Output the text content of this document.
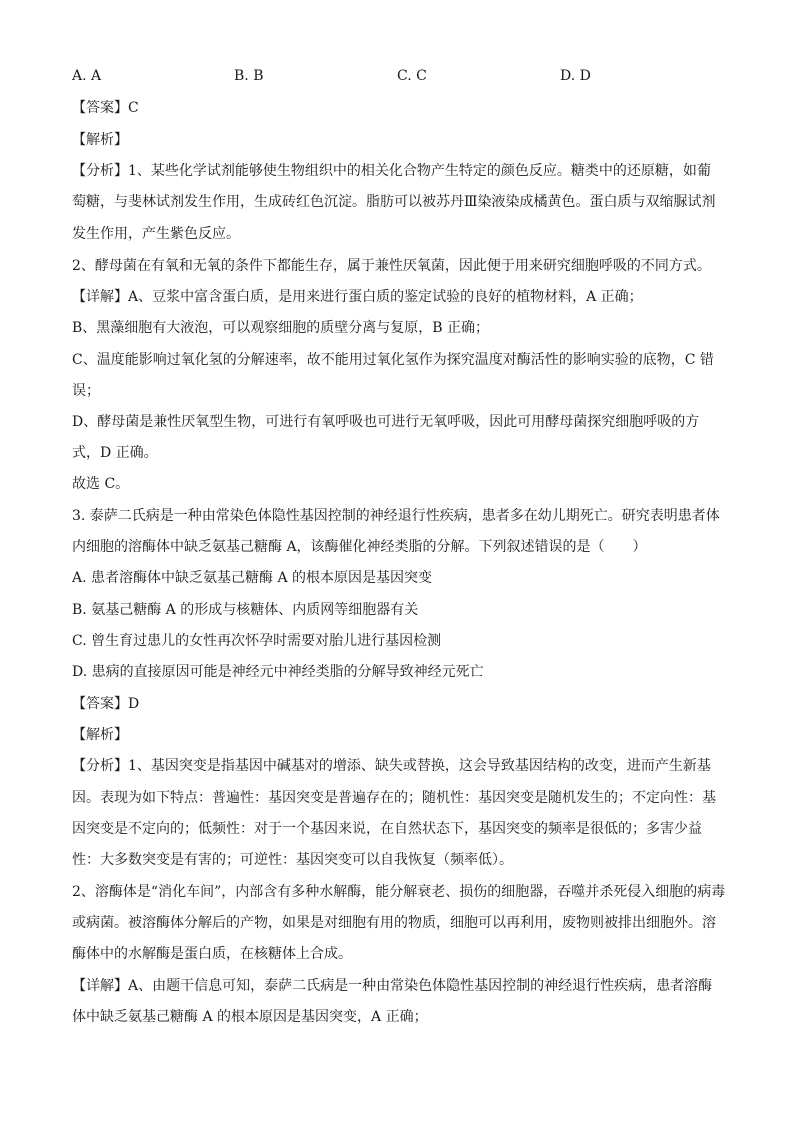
A. A	B. B	C. C	D. D
【答案】C
【解析】
【分析】1、某些化学试剂能够使生物组织中的相关化合物产生特定的颜色反应。糖类中的还原糖，如葡
萄糖，与斐林试剂发生作用，生成砖红色沉淀。脂肪可以被苏丹Ⅲ染液染成橘黄色。蛋白质与双缩脲试剂
发生作用，产生紫色反应。
2、酵母菌在有氧和无氧的条件下都能生存，属于兼性厌氧菌，因此便于用来研究细胞呼吸的不同方式。
【详解】A、豆浆中富含蛋白质，是用来进行蛋白质的鉴定试验的良好的植物材料，A 正确；
B、黑藻细胞有大液泡，可以观察细胞的质壁分离与复原，B 正确；
C、温度能影响过氧化氢的分解速率，故不能用过氧化氢作为探究温度对酶活性的影响实验的底物，C 错
误；
D、酵母菌是兼性厌氧型生物，可进行有氧呼吸也可进行无氧呼吸，因此可用酵母菌探究细胞呼吸的方
式，D 正确。
故选 C。
3. 泰萨二氏病是一种由常染色体隐性基因控制的神经退行性疾病，患者多在幼儿期死亡。研究表明患者体
内细胞的溶酶体中缺乏氨基己糖酶 A，该酶催化神经类脂的分解。下列叙述错误的是（　　）
A. 患者溶酶体中缺乏氨基己糖酶 A 的根本原因是基因突变
B. 氨基己糖酶 A 的形成与核糖体、内质网等细胞器有关
C. 曾生育过患儿的女性再次怀孕时需要对胎儿进行基因检测
D. 患病的直接原因可能是神经元中神经类脂的分解导致神经元死亡
【答案】D
【解析】
【分析】1、基因突变是指基因中碱基对的增添、缺失或替换，这会导致基因结构的改变，进而产生新基
因。表现为如下特点：普遍性：基因突变是普遍存在的；随机性：基因突变是随机发生的；不定向性：基
因突变是不定向的；低频性：对于一个基因来说，在自然状态下，基因突变的频率是很低的；多害少益
性：大多数突变是有害的；可逆性：基因突变可以自我恢复（频率低）。
2、溶酶体是“消化车间”，内部含有多种水解酶，能分解衰老、损伤的细胞器，吞噬并杀死侵入细胞的病毒
或病菌。被溶酶体分解后的产物，如果是对细胞有用的物质，细胞可以再利用，废物则被排出细胞外。溶
酶体中的水解酶是蛋白质，在核糖体上合成。
【详解】A、由题干信息可知，泰萨二氏病是一种由常染色体隐性基因控制的神经退行性疾病，患者溶酶
体中缺乏氨基己糖酶 A 的根本原因是基因突变，A 正确；
